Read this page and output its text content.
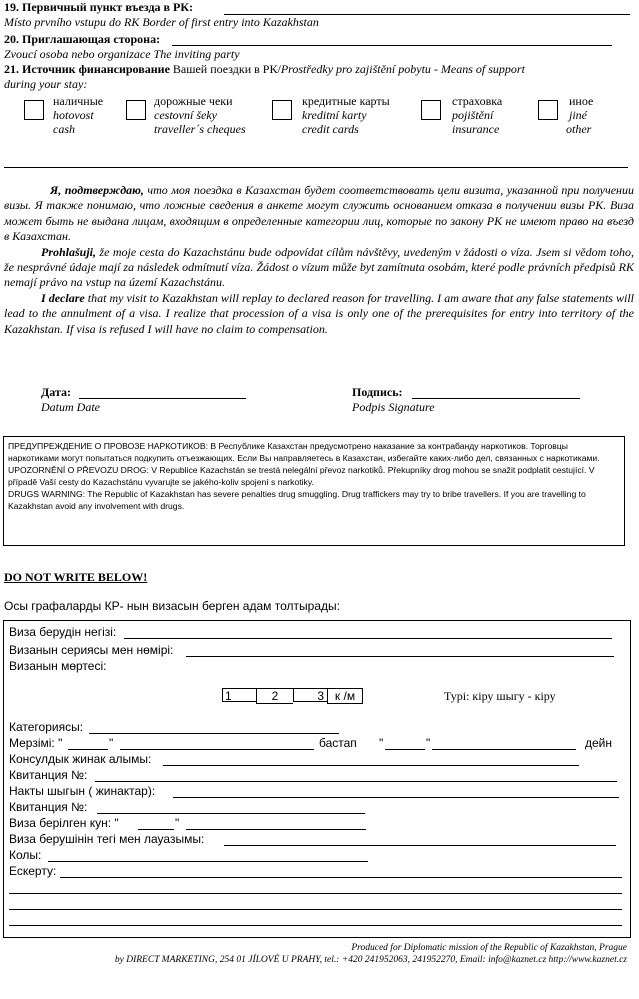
19. Первичный пункт въезда в РК:
Místo prvního vstupu do RK Border of first entry into Kazakhstan
20. Приглашающая сторона:
Zvoucí osoba nebo organizace The inviting party
21. Источник финансирование Вашей поездки в РК/Prostředky pro zajištění pobytu - Means of support
during your stay:
наличные
hotovost
cash
дорожные чеки
cestovní šeky
traveller´s cheques
кредитные карты
kreditní karty
credit cards
страховка
pojištění
insurance
иное
jiné
other

Я, подтверждаю, что моя поездка в Казахстан будет соответствовать цели визита, указанной при получении визы. Я также понимаю, что ложные сведения в анкете могут служить основанием отказа в получении визы РК. Виза может быть не выдана лицам, входящим в определенные категории лиц, которые по закону РК не имеют право на въезд в Казахстан.

Prohlašuji, že moje cesta do Kazachstánu bude odpovídat cílům návštěvy, uvedeným v žádosti o víza. Jsem si vědom toho, že nesprávné údaje mají za následek odmítnutí víza. Žádost o vízum může byt zamítnuta osobám, které podle právních předpisů RK nemají právo na vstup na území Kazachstánu.

I declare that my visit to Kazakhstan will replay to declared reason for travelling. I am aware that any false statements will lead to the annulment of a visa. I realize that procession of a visa is only one of the prerequisites for entry into territory of the Kazakhstan. If visa is refused I will have no claim to compensation.

Дата:
Datum Date
Подпись:
Podpis Signature
ПРЕДУПРЕЖДЕНИЕ О ПРОВОЗЕ НАРКОТИКОВ: В Республике Казахстан предусмотрено наказание за контрабанду наркотиков. Торговцы наркотиками могут попытаться подкупить отъезжающих. Если Вы направляетесь в Казахстан, избегайте каких-либо дел, связанных с наркотиками.
UPOZORNĚNÍ O PŘEVOZU DROG: V Republice Kazachstán se trestá nelegální převoz narkotiků. Překupníky drog mohou se snažit podplatit cestující. V případě Vaší cesty do Kazachstánu vyvarujte se jakého-koliv spojení s narkotiky.
DRUGS WARNING: The Republic of Kazakhstan has severe penalties drug smuggling. Drug traffickers may try to bribe travellers. If you are travelling to Kazakhstan avoid any involvement with drugs.
DO NOT WRITE BELOW!
Осы графаларды КР- нын визасын берген адам толтырады:
Виза берудiн негiзi:
Визанын сериясы мен нөмiрi:
Визанын мөртесi:
1	2	3 к /м	Турi: кiру шыгу - кiру
Категориясы:
Мерзiмi: "	"	бастап "	"	дейн
Консулдык жинак алымы:
Квитанция №:
Накты шыгын ( жинактар):
Квитанция №:
Виза берiлген кун: "	"
Виза берушiнiн тегi мен лауазымы:
Колы:
Ескерту:
Produced for Diplomatic mission of the Republic of Kazakhstan, Prague
by DIRECT MARKETING, 254 01 JÍLOVÉ U PRAHY, tel.: +420 241952063, 241952270, Email: info@kaznet.cz http://www.kaznet.cz
